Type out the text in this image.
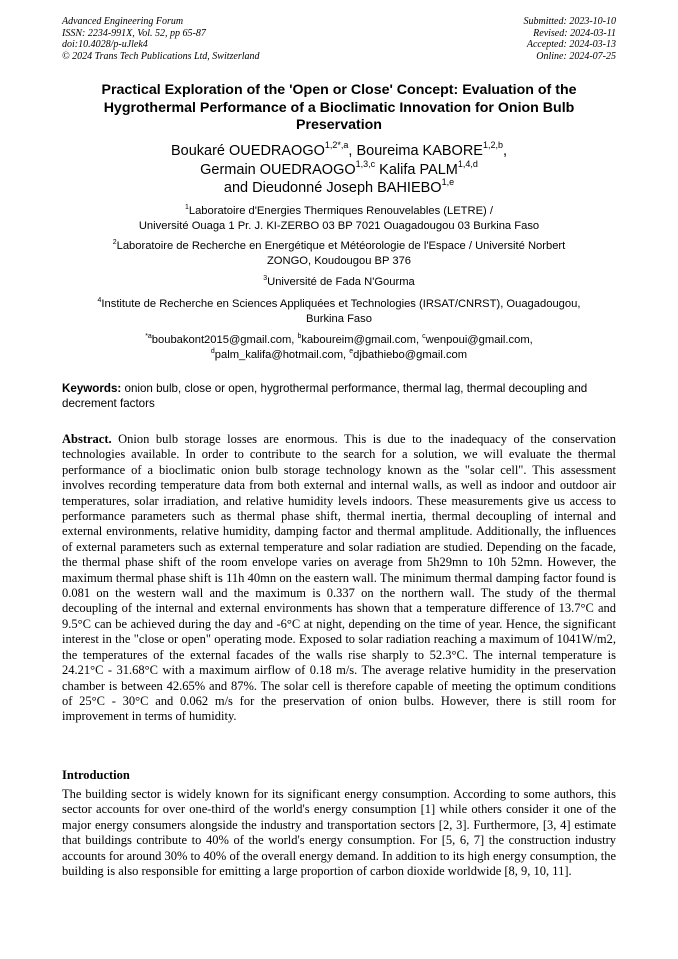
Advanced Engineering Forum
ISSN: 2234-991X, Vol. 52, pp 65-87
doi:10.4028/p-uJlek4
© 2024 Trans Tech Publications Ltd, Switzerland
Submitted: 2023-10-10
Revised: 2024-03-11
Accepted: 2024-03-13
Online: 2024-07-25
Practical Exploration of the 'Open or Close' Concept: Evaluation of the
Hygrothermal Performance of a Bioclimatic Innovation for Onion Bulb
Preservation
Boukaré $OUEDRAOGO^{1,2*,a}$, Boureima KABORE$^{1,2,b}$,
Germain OUEDRAOGO$^{1,3,c}$ Kalifa PALM$^{1,4,d}$
and Dieudonné Joseph BAHIEBO$^{1,e}$
$^1$Laboratoire d'Energies Thermiques Renouvelables (LETRE) /
Université Ouaga 1 Pr. J. KI-ZERBO 03 BP 7021 Ouagadougou 03 Burkina Faso
$^2$Laboratoire de Recherche en Energétique et Météorologie de l'Espace / Université Norbert
ZONGO, Koudougou BP 376
$^3$Université de Fada N'Gourma
$^4$Institute de Recherche en Sciences Appliquées et Technologies (IRSAT/CNRST), Ouagadougou,
Burkina Faso
$^{*a}$boubakont2015@gmail.com, $^b$kaboureim@gmail.com, $^c$wenpoui@gmail.com,
$^d$palm_kalifa@hotmail.com, $^e$djbathiebo@gmail.com
Keywords: onion bulb, close or open, hygrothermal performance, thermal lag, thermal decoupling and decrement factors
Abstract. Onion bulb storage losses are enormous. This is due to the inadequacy of the conservation technologies available. In order to contribute to the search for a solution, we will evaluate the thermal performance of a bioclimatic onion bulb storage technology known as the "solar cell". This assessment involves recording temperature data from both external and internal walls, as well as indoor and outdoor air temperatures, solar irradiation, and relative humidity levels indoors. These measurements give us access to performance parameters such as thermal phase shift, thermal inertia, thermal decoupling of internal and external environments, relative humidity, damping factor and thermal amplitude. Additionally, the influences of external parameters such as external temperature and solar radiation are studied. Depending on the facade, the thermal phase shift of the room envelope varies on average from 5h29mn to 10h 52mn. However, the maximum thermal phase shift is 11h 40mn on the eastern wall. The minimum thermal damping factor found is 0.081 on the western wall and the maximum is 0.337 on the northern wall. The study of the thermal decoupling of the internal and external environments has shown that a temperature difference of 13.7°C and 9.5°C can be achieved during the day and -6°C at night, depending on the time of year. Hence, the significant interest in the "close or open" operating mode. Exposed to solar radiation reaching a maximum of 1041W/m2, the temperatures of the external facades of the walls rise sharply to 52.3°C. The internal temperature is 24.21°C - 31.68°C with a maximum airflow of 0.18 m/s. The average relative humidity in the preservation chamber is between 42.65% and 87%. The solar cell is therefore capable of meeting the optimum conditions of 25°C - 30°C and 0.062 m/s for the preservation of onion bulbs. However, there is still room for improvement in terms of humidity.
Introduction
The building sector is widely known for its significant energy consumption. According to some authors, this sector accounts for over one-third of the world's energy consumption [1] while others consider it one of the major energy consumers alongside the industry and transportation sectors [2, 3]. Furthermore, [3, 4] estimate that buildings contribute to 40% of the world's energy consumption. For [5, 6, 7] the construction industry accounts for around 30% to 40% of the overall energy demand. In addition to its high energy consumption, the building is also responsible for emitting a large proportion of carbon dioxide worldwide [8, 9, 10, 11].
